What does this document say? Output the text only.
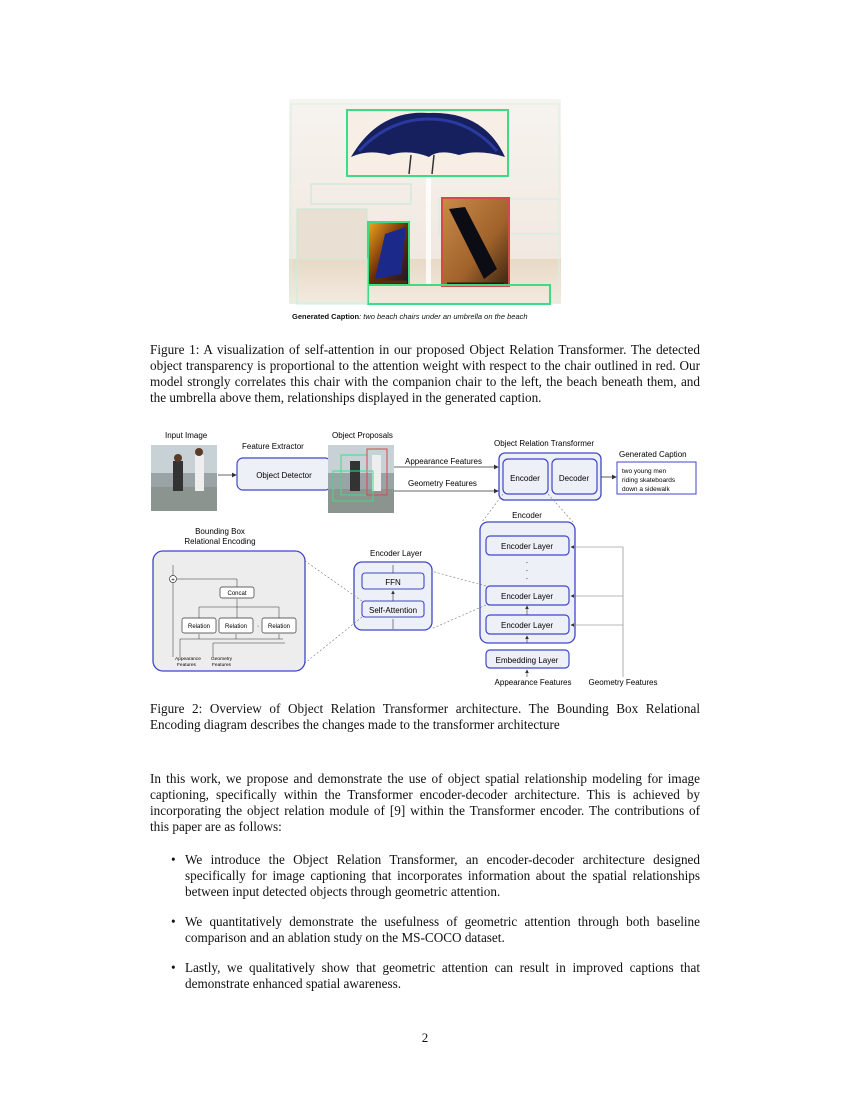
Generated Caption: two beach chairs under an umbrella on the beach

Figure 1: A visualization of self-attention in our proposed Object Relation Transformer. The detected object transparency is proportional to the attention weight with respect to the chair outlined in red. Our model strongly correlates this chair with the companion chair to the left, the beach beneath them, and the umbrella above them, relationships displayed in the generated caption.

Input Image
Feature Extractor
Object Detector
Object Proposals
Appearance Features
Geometry Features
Object Relation Transformer
Encoder Decoder
Generated Caption
two young men
riding skateboards
down a sidewalk
Encoder
Encoder Layer
·
·
·
Encoder Layer
Encoder Layer
Embedding Layer
Appearance Features Geometry Features
Encoder Layer
FFN
Self-Attention
Bounding Box
Relational Encoding
+
Concat
Relation Relation · Relation
Appearance
Features
Geometry
Features

Figure 2: Overview of Object Relation Transformer architecture. The Bounding Box Relational Encoding diagram describes the changes made to the transformer architecture

In this work, we propose and demonstrate the use of object spatial relationship modeling for image captioning, specifically within the Transformer encoder-decoder architecture. This is achieved by incorporating the object relation module of [9] within the Transformer encoder. The contributions of this paper are as follows:

• We introduce the Object Relation Transformer, an encoder-decoder architecture designed specifically for image captioning that incorporates information about the spatial relationships between input detected objects through geometric attention.
• We quantitatively demonstrate the usefulness of geometric attention through both baseline comparison and an ablation study on the MS-COCO dataset.
• Lastly, we qualitatively show that geometric attention can result in improved captions that demonstrate enhanced spatial awareness.
2
